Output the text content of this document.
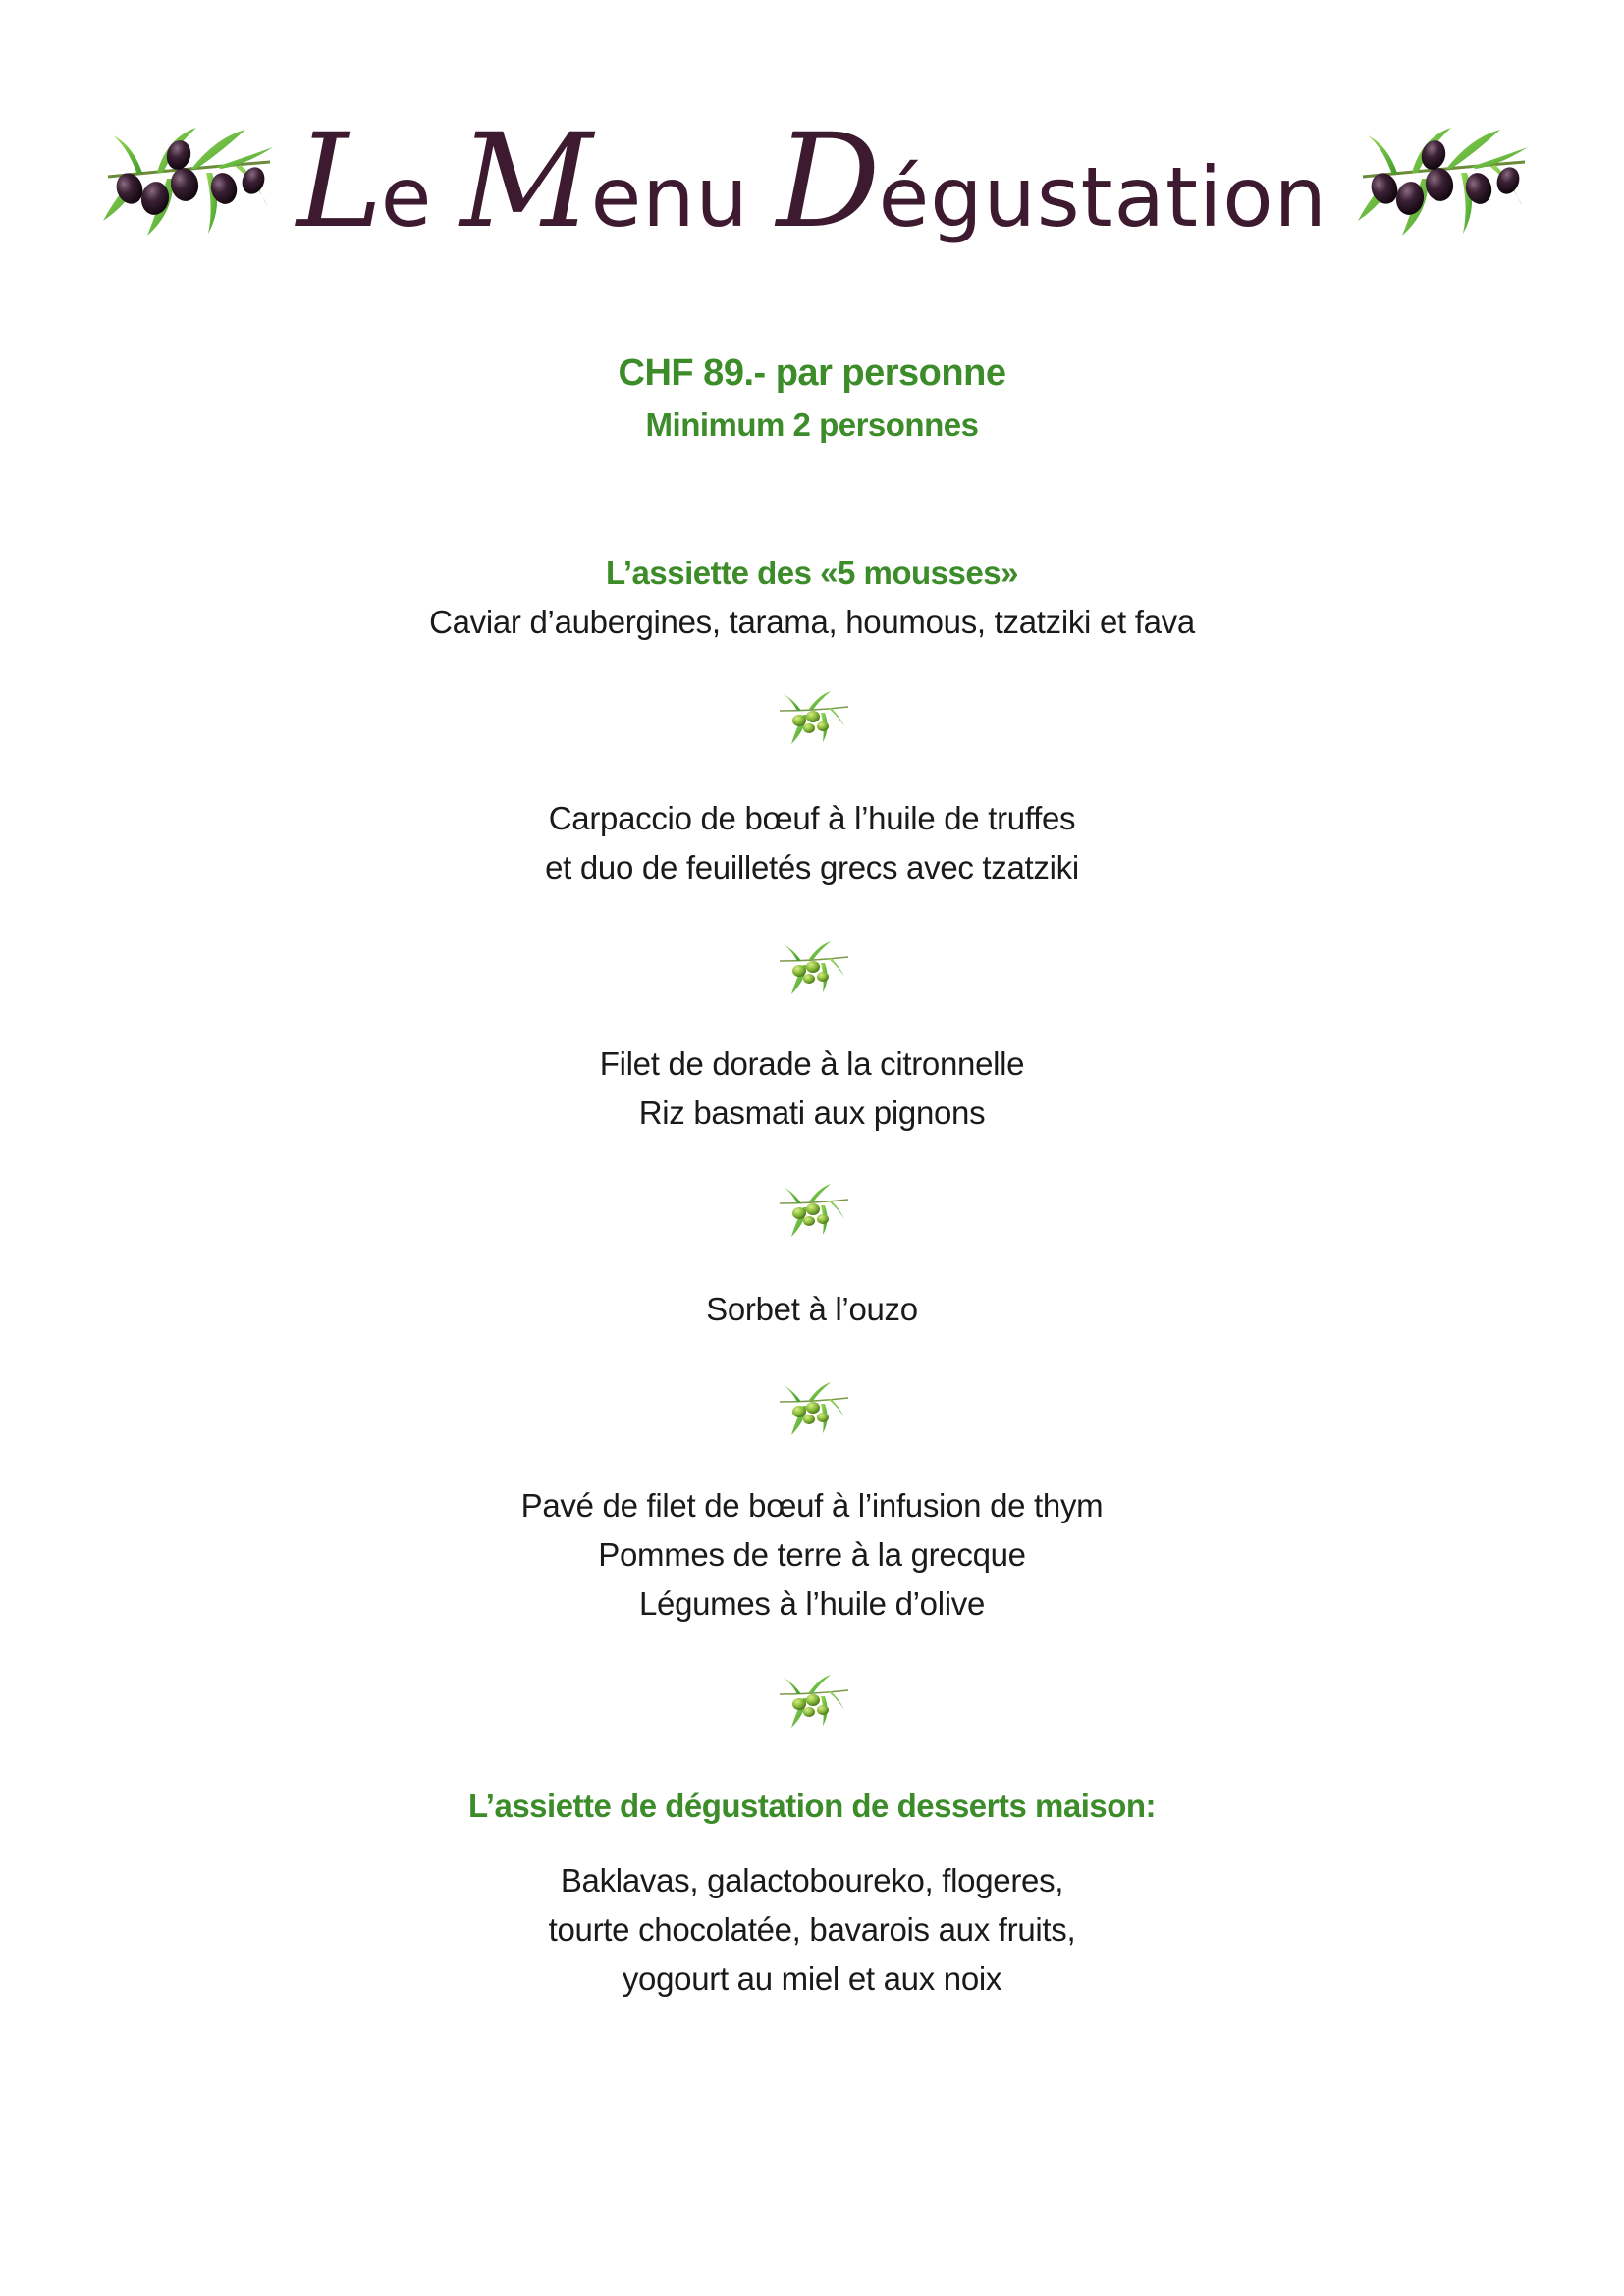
Le Menu Dégustation
CHF 89.- par personne
Minimum 2 personnes
L’assiette des «5 mousses»
Caviar d’aubergines, tarama, houmous, tzatziki et fava
Carpaccio de bœuf à l’huile de truffes
et duo de feuilletés grecs avec tzatziki
Filet de dorade à la citronnelle
Riz basmati aux pignons
Sorbet à l’ouzo
Pavé de filet de bœuf à l’infusion de thym
Pommes de terre à la grecque
Légumes à l’huile d’olive
L’assiette de dégustation de desserts maison:
Baklavas, galactoboureko, flogeres,
tourte chocolatée, bavarois aux fruits,
yogourt au miel et aux noix
